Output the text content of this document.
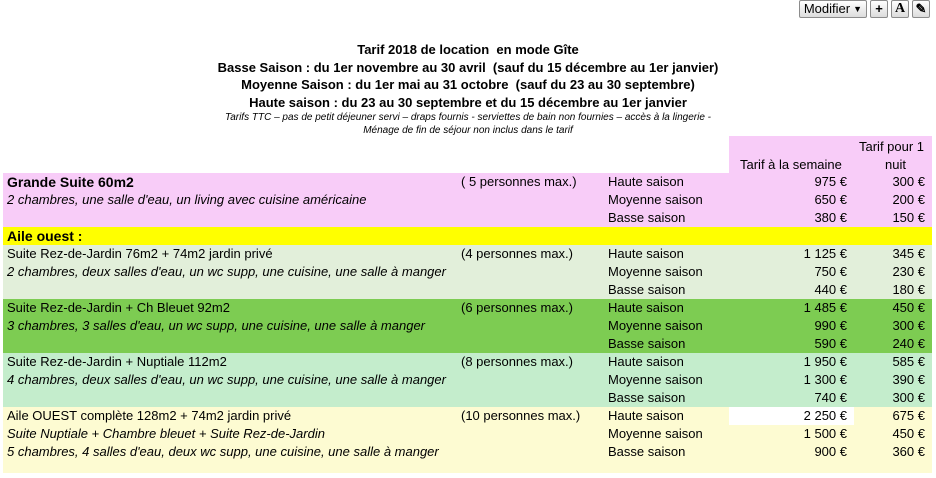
Modifier ▼ + A ✎
Tarif 2018 de location  en mode Gîte
Basse Saison : du 1er novembre au 30 avril  (sauf du 15 décembre au 1er janvier)
Moyenne Saison : du 1er mai au 31 octobre  (sauf du 23 au 30 septembre)
Haute saison : du 23 au 30 septembre et du 15 décembre au 1er janvier
Tarifs TTC – pas de petit déjeuner servi – draps fournis - serviettes de bain non fournies – accès à la lingerie -
Ménage de fin de séjour non inclus dans le tarif
Tarif à la semaine
Tarif pour 1
nuit
Grande Suite 60m2	( 5 personnes max.) Haute saison	975 €	300 €
2 chambres, une salle d'eau, un living avec cuisine américaine	Moyenne saison	650 €	200 €
Basse saison	380 €	150 €
Aile ouest :
Suite Rez-de-Jardin 76m2 + 74m2 jardin privé	(4 personnes max.)	Haute saison	1 125 €	345 €
2 chambres, deux salles d'eau, un wc supp, une cuisine, une salle à manger	Moyenne saison	750 €	230 €
Basse saison	440 €	180 €
Suite Rez-de-Jardin + Ch Bleuet 92m2	(6 personnes max.)	Haute saison	1 485 €	450 €
3 chambres, 3 salles d'eau, un wc supp, une cuisine, une salle à manger	Moyenne saison	990 €	300 €
Basse saison	590 €	240 €
Suite Rez-de-Jardin + Nuptiale 112m2	(8 personnes max.)	Haute saison	1 950 €	585 €
4 chambres, deux salles d'eau, un wc supp, une cuisine, une salle à manger	Moyenne saison	1 300 €	390 €
Basse saison	740 €	300 €
Aile OUEST complète 128m2 + 74m2 jardin privé	(10 personnes max.) Haute saison	2 250 €	675 €
Suite Nuptiale + Chambre bleuet + Suite Rez-de-Jardin	Moyenne saison	1 500 €	450 €
5 chambres, 4 salles d'eau, deux wc supp, une cuisine, une salle à manger	Basse saison	900 €	360 €
